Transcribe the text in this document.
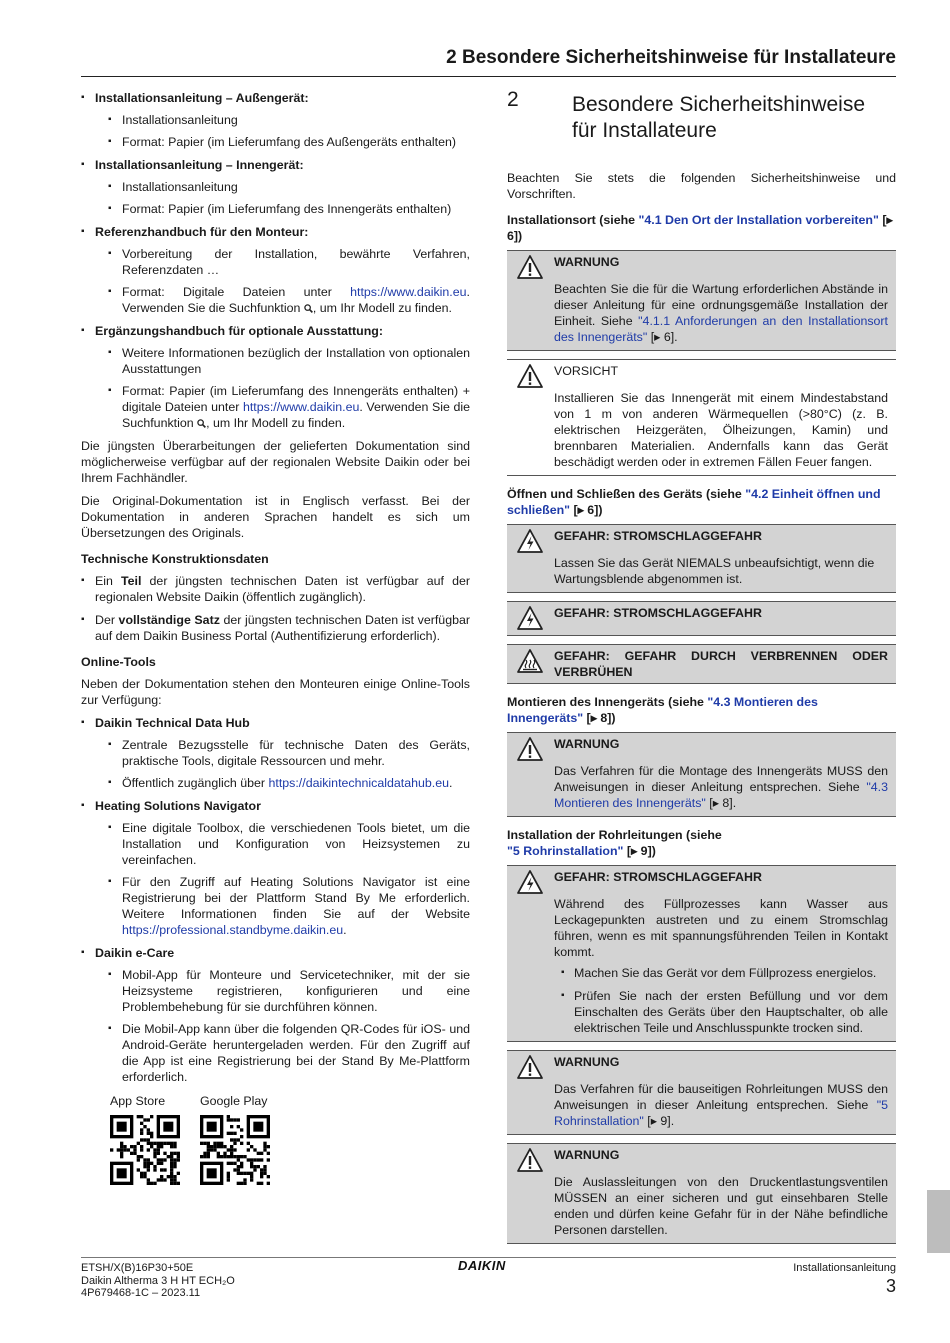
2 Besondere Sicherheitshinweise für Installateure
▪ Installationsanleitung – Außengerät:
▪ Installationsanleitung
▪ Format: Papier (im Lieferumfang des Außengeräts enthalten)
▪ Installationsanleitung – Innengerät:
▪ Installationsanleitung
▪ Format: Papier (im Lieferumfang des Innengeräts enthalten)
▪ Referenzhandbuch für den Monteur:
▪ Vorbereitung der Installation, bewährte Verfahren, Referenzdaten …
▪ Format: Digitale Dateien unter https://www.daikin.eu. Verwenden Sie die Suchfunktion , um Ihr Modell zu finden.
▪ Ergänzungshandbuch für optionale Ausstattung:
▪ Weitere Informationen bezüglich der Installation von optionalen Ausstattungen
▪ Format: Papier (im Lieferumfang des Innengeräts enthalten) + digitale Dateien unter https://www.daikin.eu. Verwenden Sie die Suchfunktion , um Ihr Modell zu finden.

Die jüngsten Überarbeitungen der gelieferten Dokumentation sind möglicherweise verfügbar auf der regionalen Website Daikin oder bei Ihrem Fachhändler.

Die Original-Dokumentation ist in Englisch verfasst. Bei der Dokumentation in anderen Sprachen handelt es sich um Übersetzungen des Originals.

Technische Konstruktionsdaten
▪ Ein Teil der jüngsten technischen Daten ist verfügbar auf der regionalen Website Daikin (öffentlich zugänglich).
▪ Der vollständige Satz der jüngsten technischen Daten ist verfügbar auf dem Daikin Business Portal (Authentifizierung erforderlich).
Online-Tools

Neben der Dokumentation stehen den Monteuren einige Online-Tools zur Verfügung:

▪ Daikin Technical Data Hub
▪ Zentrale Bezugsstelle für technische Daten des Geräts, praktische Tools, digitale Ressourcen und mehr.
▪ Öffentlich zugänglich über https://daikintechnicaldatahub.eu.
▪ Heating Solutions Navigator
▪ Eine digitale Toolbox, die verschiedenen Tools bietet, um die Installation und Konfiguration von Heizsystemen zu vereinfachen.
▪ Für den Zugriff auf Heating Solutions Navigator ist eine Registrierung bei der Plattform Stand By Me erforderlich. Weitere Informationen finden Sie auf der Website https://professional.standbyme.daikin.eu.
▪ Daikin e-Care
▪ Mobil-App für Monteure und Servicetechniker, mit der sie Heizsysteme registrieren, konfigurieren und eine Problembehebung für sie durchführen können.
▪ Die Mobil-App kann über die folgenden QR-Codes für iOS- und Android-Geräte heruntergeladen werden. Für den Zugriff auf die App ist eine Registrierung bei der Stand By Me-Plattform erforderlich.
App Store	Google Play
2	Besondere Sicherheitshinweise für Installateure

Beachten Sie stets die folgenden Sicherheitshinweise und Vorschriften.

Installationsort (siehe "4.1 Den Ort der Installation vorbereiten" [▸ 6])
WARNUNG
Beachten Sie die für die Wartung erforderlichen Abstände in dieser Anleitung für eine ordnungsgemäße Installation der Einheit. Siehe "4.1.1 Anforderungen an den Installationsort des Innengeräts" [▸ 6].
VORSICHT
Installieren Sie das Innengerät mit einem Mindestabstand von 1 m von anderen Wärmequellen (>80°C) (z. B. elektrischen Heizgeräten, Ölheizungen, Kamin) und brennbaren Materialien. Andernfalls kann das Gerät beschädigt werden oder in extremen Fällen Feuer fangen.
Öffnen und Schließen des Geräts (siehe "4.2 Einheit öffnen und schließen" [▸ 6])
GEFAHR: STROMSCHLAGGEFAHR
Lassen Sie das Gerät NIEMALS unbeaufsichtigt, wenn die Wartungsblende abgenommen ist.
GEFAHR: STROMSCHLAGGEFAHR
GEFAHR: GEFAHR DURCH VERBRENNEN ODER VERBRÜHEN
Montieren des Innengeräts (siehe "4.3 Montieren des Innengeräts" [▸ 8])
WARNUNG
Das Verfahren für die Montage des Innengeräts MUSS den Anweisungen in dieser Anleitung entsprechen. Siehe "4.3 Montieren des Innengeräts" [▸ 8].
Installation der Rohrleitungen (siehe
"5 Rohrinstallation" [▸ 9])
GEFAHR: STROMSCHLAGGEFAHR
Während des Füllprozesses kann Wasser aus Leckagepunkten austreten und zu einem Stromschlag führen, wenn es mit spannungsführenden Teilen in Kontakt kommt.
▪ Machen Sie das Gerät vor dem Füllprozess energielos.
▪ Prüfen Sie nach der ersten Befüllung und vor dem Einschalten des Geräts über den Hauptschalter, ob alle elektrischen Teile und Anschlusspunkte trocken sind.
WARNUNG
Das Verfahren für die bauseitigen Rohrleitungen MUSS den Anweisungen in dieser Anleitung entsprechen. Siehe "5 Rohrinstallation" [▸ 9].
WARNUNG
Die Auslassleitungen von den Druckentlastungsventilen MÜSSEN an einer sicheren und gut einsehbaren Stelle enden und dürfen keine Gefahr für in der Nähe befindliche Personen darstellen.
ETSH/X(B)16P30+50E
Daikin Altherma 3 H HT ECH₂O
4P679468-1C – 2023.11
DAIKIN	Installationsanleitung
3
